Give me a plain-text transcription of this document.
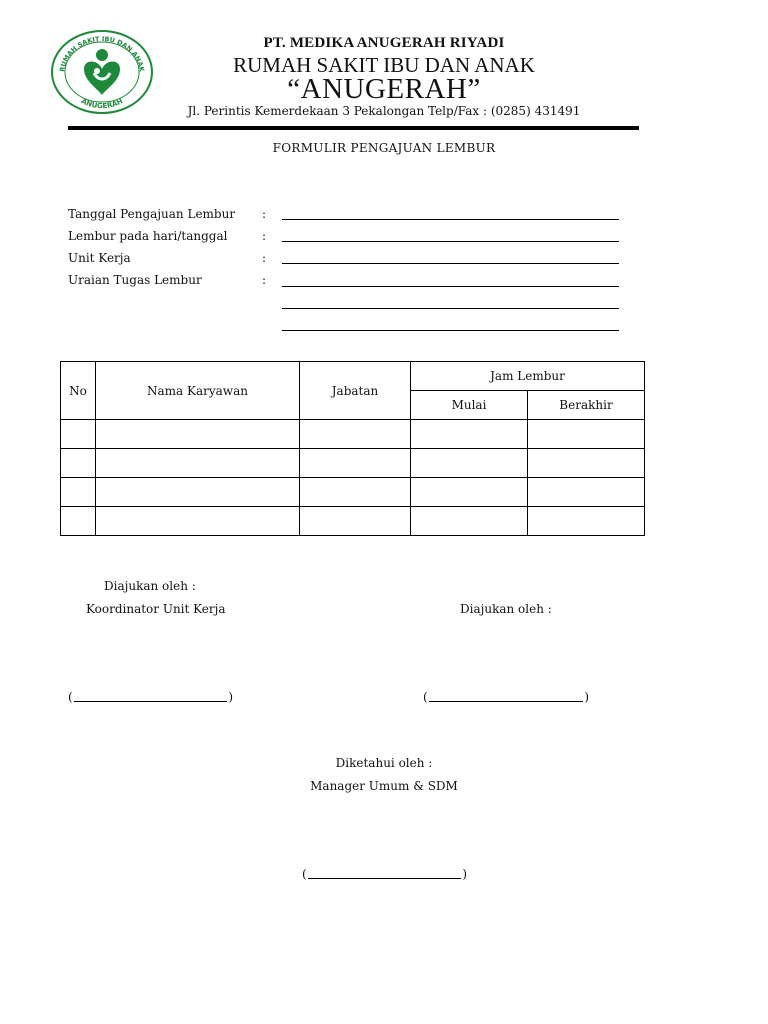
RUMAH SAKIT IBU DAN ANAK
ANUGERAH
PT. MEDIKA ANUGERAH RIYADI
RUMAH SAKIT IBU DAN ANAK
“ANUGERAH”
Jl. Perintis Kemerdekaan 3 Pekalongan Telp/Fax : (0285) 431491
FORMULIR PENGAJUAN LEMBUR
Tanggal Pengajuan Lembur :
Lembur pada hari/tanggal	:
Unit Kerja	:
Uraian Tugas Lembur	:
No	Nama Karyawan	Jabatan	Jam Lembur	
			Mulai	Berakhir

Diajukan oleh :
Koordinator Unit Kerja	Diajukan oleh :
(	)	(	)
Diketahui oleh :
Manager Umum & SDM
(	)
